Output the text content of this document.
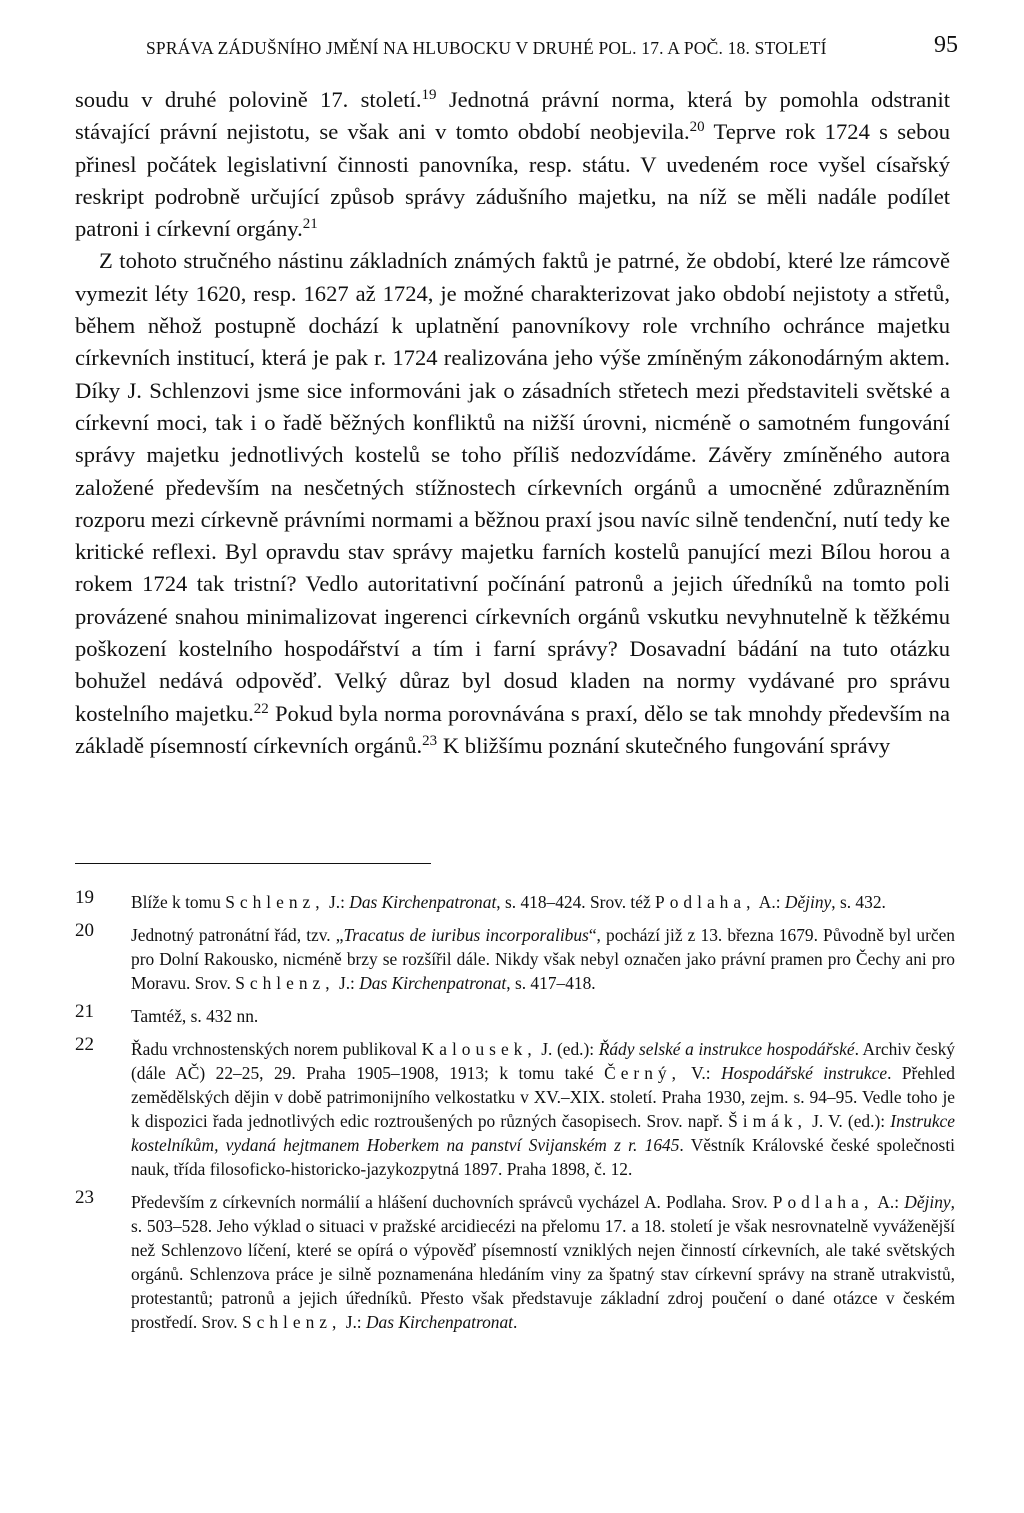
SPRÁVA ZÁDUŠNÍHO JMĚNÍ NA HLUBOCKU V DRUHÉ POL. 17. A POČ. 18. STOLETÍ	95

soudu v druhé polovině 17. století.$^{19}$ Jednotná právní norma, která by pomohla odstranit stávající právní nejistotu, se však ani v tomto období neobjevila.$^{20}$ Teprve rok 1724 s sebou přinesl počátek legislativní činnosti panovníka, resp. státu. V uvedeném roce vyšel císařský reskript podrobně určující způsob správy zádušního majetku, na níž se měli nadále podílet patroni i církevní orgány.$^{21}$

Z tohoto stručného nástinu základních známých faktů je patrné, že období, které lze rámcově vymezit léty 1620, resp. 1627 až 1724, je možné charakterizovat jako období nejistoty a střetů, během něhož postupně dochází k uplatnění panovníkovy role vrchního ochránce majetku církevních institucí, která je pak r. 1724 realizována jeho výše zmíněným zákonodárným aktem. Díky J. Schlenzovi jsme sice informováni jak o zásadních střetech mezi představiteli světské a církevní moci, tak i o řadě běžných konfliktů na nižší úrovni, nicméně o samotném fungování správy majetku jednotlivých kostelů se toho příliš nedozvídáme. Závěry zmíněného autora založené především na nesčetných stížnostech církevních orgánů a umocněné zdůrazněním rozporu mezi církevně právními normami a běžnou praxí jsou navíc silně tendenční, nutí tedy ke kritické reflexi. Byl opravdu stav správy majetku farních kostelů panující mezi Bílou horou a rokem 1724 tak tristní? Vedlo autoritativní počínání patronů a jejich úředníků na tomto poli provázené snahou minimalizovat ingerenci církevních orgánů vskutku nevyhnutelně k těžkému poškození kostelního hospodářství a tím i farní správy? Dosavadní bádání na tuto otázku bohužel nedává odpověď. Velký důraz byl dosud kladen na normy vydávané pro správu kostelního majetku.$^{22}$ Pokud byla norma porovnávána s praxí, dělo se tak mnohdy především na základě písemností církevních orgánů.$^{23}$ K bližšímu poznání skutečného fungování správy

19 Blíže k tomu Schlenz, J.: Das Kirchenpatronat, s. 418–424. Srov. též Podlaha, A.: Dějiny, s. 432.
20 Jednotný patronátní řád, tzv. „Tracatus de iuribus incorporalibus“, pochází již z 13. března 1679. Původně byl určen pro Dolní Rakousko, nicméně brzy se rozšířil dále. Nikdy však nebyl označen jako právní pramen pro Čechy ani pro Moravu. Srov. Schlenz, J.: Das Kirchenpatronat, s. 417–418.
21 Tamtéž, s. 432 nn.
22 Řadu vrchnostenských norem publikoval Kalousek, J. (ed.): Řády selské a instrukce hospodářské. Archiv český (dále AČ) 22–25, 29. Praha 1905–1908, 1913; k tomu také Černý, V.: Hospodářské instrukce. Přehled zemědělských dějin v době patrimonijního velkostatku v XV.–XIX. století. Praha 1930, zejm. s. 94–95. Vedle toho je k dispozici řada jednotlivých edic roztroušených po různých časopisech. Srov. např. Šimák, J. V. (ed.): Instrukce kostelníkům, vydaná hejtmanem Hoberkem na panství Svijanském z r. 1645. Věstník Královské české společnosti nauk, třída filosoficko-historicko-jazykozpytná 1897. Praha 1898, č. 12.
23 Především z církevních normálií a hlášení duchovních správců vycházel A. Podlaha. Srov. Podlaha, A.: Dějiny, s. 503–528. Jeho výklad o situaci v pražské arcidiecézi na přelomu 17. a 18. století je však nesrovnatelně vyváženější než Schlenzovo líčení, které se opírá o výpověď písemností vzniklých nejen činností církevních, ale také světských orgánů. Schlenzova práce je silně poznamenána hledáním viny za špatný stav církevní správy na straně utrakvistů, protestantů; patronů a jejich úředníků. Přesto však představuje základní zdroj poučení o dané otázce v českém prostředí. Srov. Schlenz, J.: Das Kirchenpatronat.
